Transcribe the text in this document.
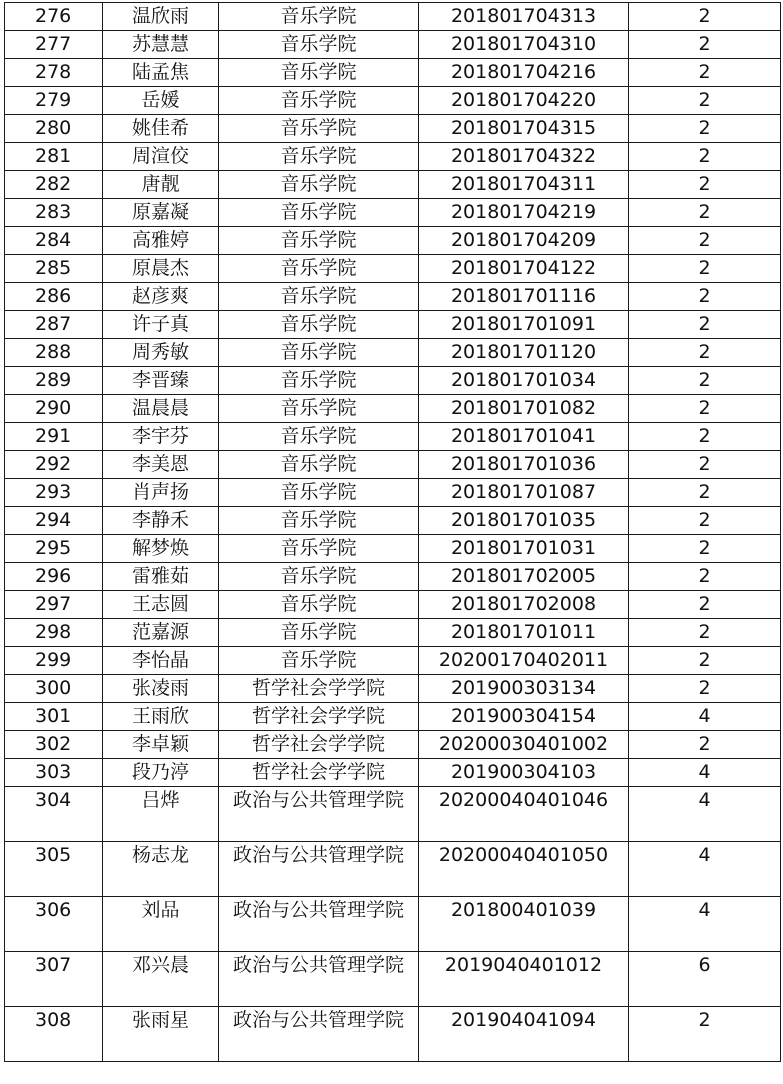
276	温欣雨	音乐学院	201801704313	2
277	苏慧慧	音乐学院	201801704310	2
278	陆孟焦	音乐学院	201801704216	2
279	岳媛	音乐学院	201801704220	2
280	姚佳希	音乐学院	201801704315	2
281	周渲佼	音乐学院	201801704322	2
282	唐靓	音乐学院	201801704311	2
283	原嘉凝	音乐学院	201801704219	2
284	高雅婷	音乐学院	201801704209	2
285	原晨杰	音乐学院	201801704122	2
286	赵彦爽	音乐学院	201801701116	2
287	许子真	音乐学院	201801701091	2
288	周秀敏	音乐学院	201801701120	2
289	李晋臻	音乐学院	201801701034	2
290	温晨晨	音乐学院	201801701082	2
291	李宇芬	音乐学院	201801701041	2
292	李美恩	音乐学院	201801701036	2
293	肖声扬	音乐学院	201801701087	2
294	李静禾	音乐学院	201801701035	2
295	解梦焕	音乐学院	201801701031	2
296	雷雅茹	音乐学院	201801702005	2
297	王志圆	音乐学院	201801702008	2
298	范嘉源	音乐学院	201801701011	2
299	李怡晶	音乐学院	20200170402011	2
300	张凌雨	哲学社会学学院	201900303134	2
301	王雨欣	哲学社会学学院	201900304154	4
302	李卓颖	哲学社会学学院	20200030401002	2
303	段乃渟	哲学社会学学院	201900304103	4
304	吕烨	政治与公共管理学院	20200040401046	4
305	杨志龙	政治与公共管理学院	20200040401050	4
306	刘品	政治与公共管理学院	201800401039	4
307	邓兴晨	政治与公共管理学院	2019040401012	6
308	张雨星	政治与公共管理学院	201904041094	2
